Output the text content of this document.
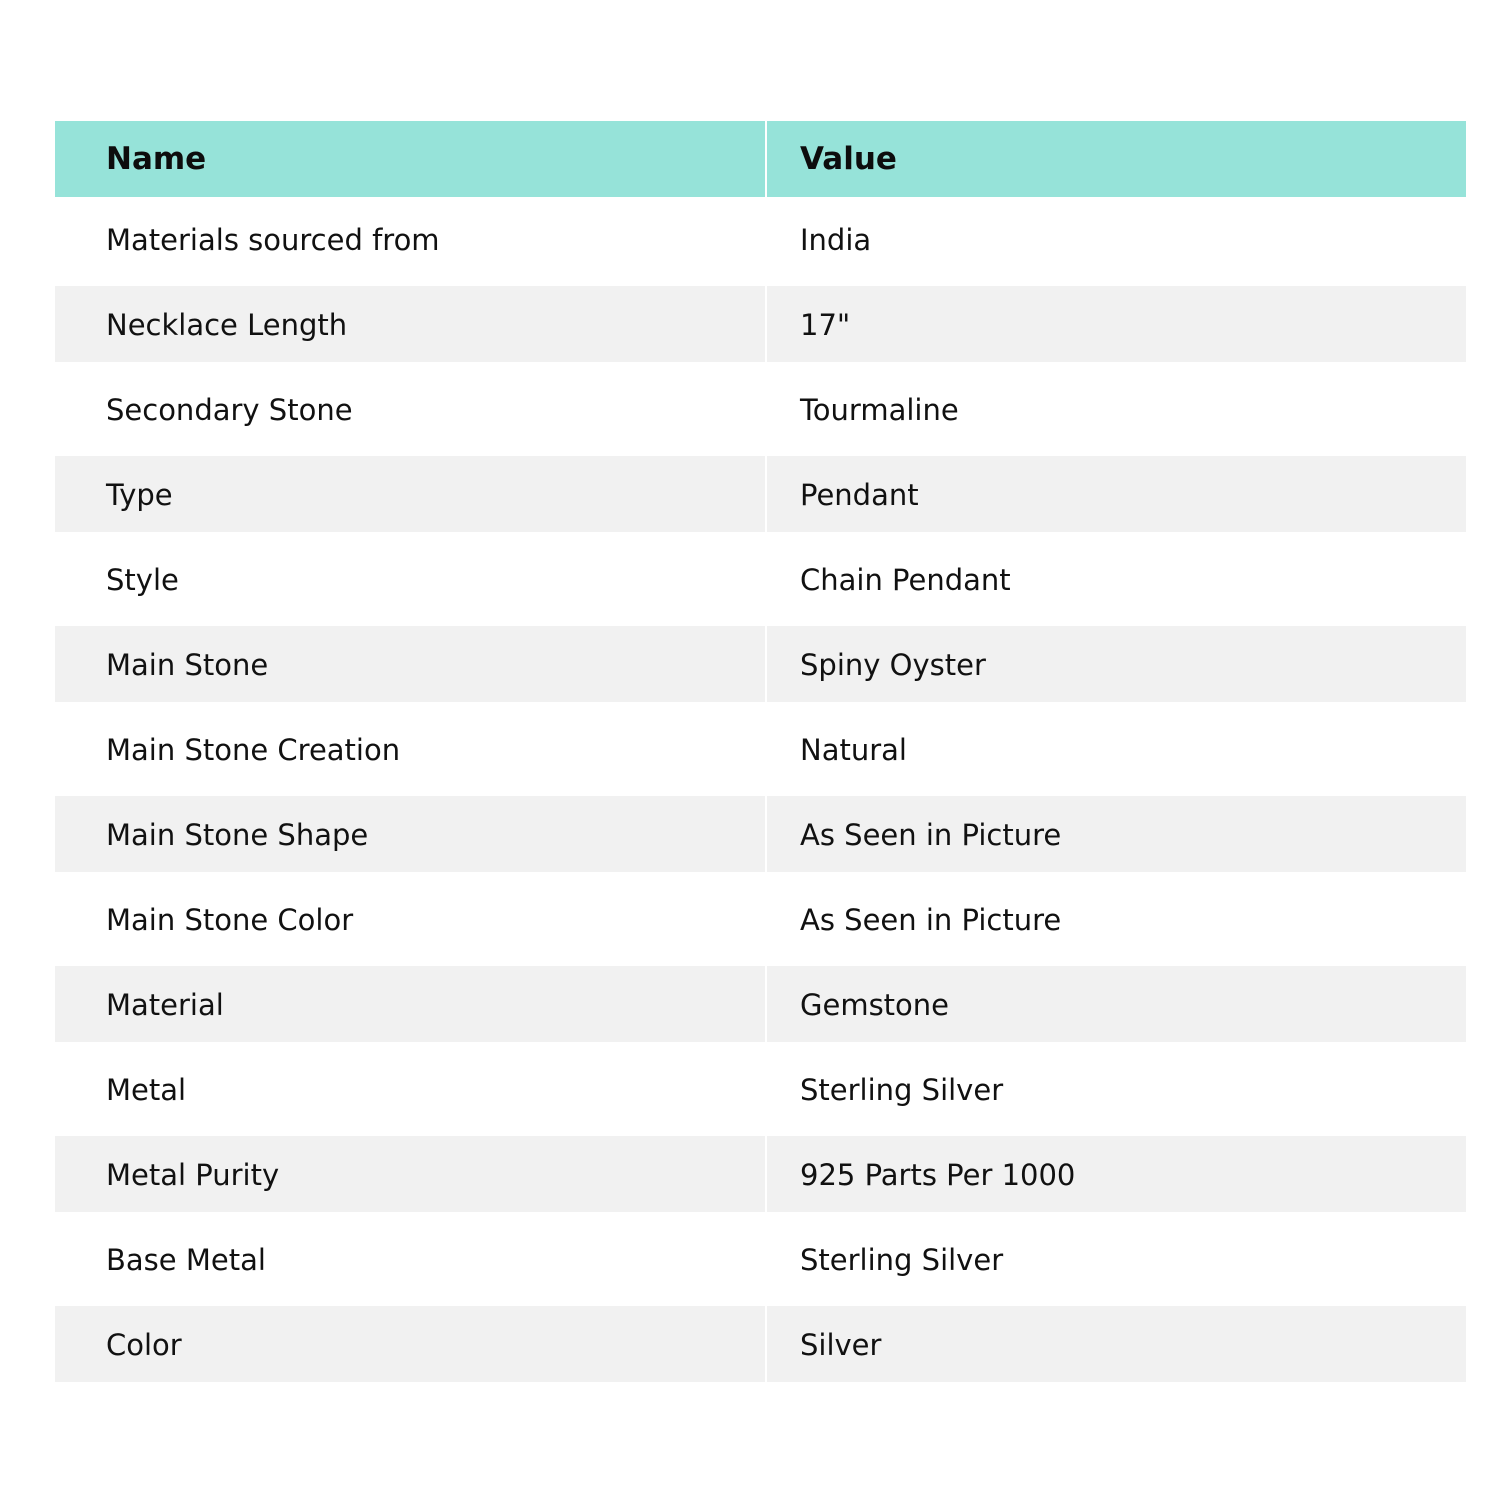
Name	Value
Materials sourced from	India
Necklace Length	17"
Secondary Stone	Tourmaline
Type	Pendant
Style	Chain Pendant
Main Stone	Spiny Oyster
Main Stone Creation	Natural
Main Stone Shape	As Seen in Picture
Main Stone Color	As Seen in Picture
Material	Gemstone
Metal	Sterling Silver
Metal Purity	925 Parts Per 1000
Base Metal	Sterling Silver
Color	Silver
